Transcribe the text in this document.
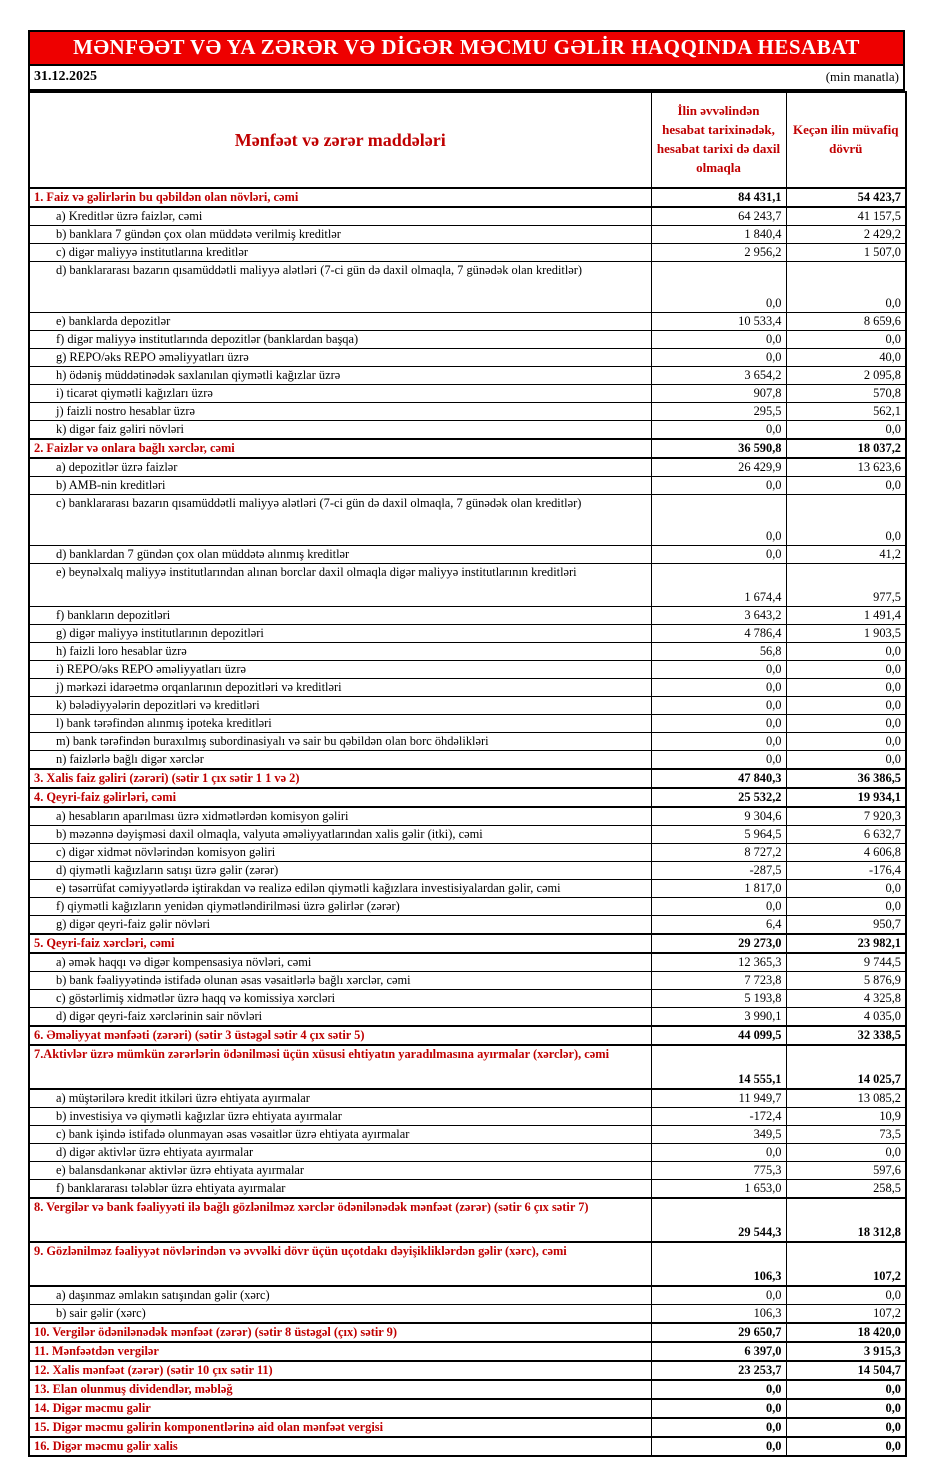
MƏNFƏƏT VƏ YA ZƏRƏR VƏ DİGƏR MƏCMU GƏLİR HAQQINDA HESABAT
31.12.2025	(min manatla)
Mənfəət və zərər maddələri	İlin əvvəlindən hesabat tarixinədək, hesabat tarixi də daxil olmaqla	Keçən ilin müvafiq dövrü
1. Faiz və gəlirlərin bu qəbildən olan növləri, cəmi	84 431,1	54 423,7
a) Kreditlər üzrə faizlər, cəmi	64 243,7	41 157,5
b) banklara 7 gündən çox olan müddətə verilmiş kreditlər	1 840,4	2 429,2
c) digər maliyyə institutlarına kreditlər	2 956,2	1 507,0
d) banklararası bazarın qısamüddətli maliyyə alətləri (7-ci gün də daxil olmaqla, 7 günədək olan kreditlər)	0,0	0,0
e) banklarda depozitlər	10 533,4	8 659,6
f) digər maliyyə institutlarında depozitlər (banklardan başqa)	0,0	0,0
g) REPO/əks REPO əməliyyatları üzrə	0,0	40,0
h) ödəniş müddətinədək saxlanılan qiymətli kağızlar üzrə	3 654,2	2 095,8
i) ticarət qiymətli kağızları üzrə	907,8	570,8
j) faizli nostro hesablar üzrə	295,5	562,1
k) digər faiz gəliri növləri	0,0	0,0
2. Faizlər və onlara bağlı xərclər, cəmi	36 590,8	18 037,2
a) depozitlər üzrə faizlər	26 429,9	13 623,6
b) AMB-nin kreditləri	0,0	0,0
c) banklararası bazarın qısamüddətli maliyyə alətləri (7-ci gün də daxil olmaqla, 7 günədək olan kreditlər)	0,0	0,0
d) banklardan 7 gündən çox olan müddətə alınmış kreditlər	0,0	41,2
e) beynəlxalq maliyyə institutlarından alınan borclar daxil olmaqla digər maliyyə institutlarının kreditləri	1 674,4	977,5
f) bankların depozitləri	3 643,2	1 491,4
g) digər maliyyə institutlarının depozitləri	4 786,4	1 903,5
h) faizli loro hesablar üzrə	56,8	0,0
i) REPO/əks REPO əməliyyatları üzrə	0,0	0,0
j) mərkəzi idarəetmə orqanlarının depozitləri və kreditləri	0,0	0,0
k) bələdiyyələrin depozitləri və kreditləri	0,0	0,0
l) bank tərəfindən alınmış ipoteka kreditləri	0,0	0,0
m) bank tərəfindən buraxılmış subordinasiyalı və sair bu qəbildən olan borc öhdəlikləri	0,0	0,0
n) faizlərlə bağlı digər xərclər	0,0	0,0
3. Xalis faiz gəliri (zərəri) (sətir 1 çıx sətir 1 1 və 2)	47 840,3	36 386,5
4. Qeyri-faiz gəlirləri, cəmi	25 532,2	19 934,1
a) hesabların aparılması üzrə xidmətlərdən komisyon gəliri	9 304,6	7 920,3
b) məzənnə dəyişməsi daxil olmaqla, valyuta əməliyyatlarından xalis gəlir (itki), cəmi	5 964,5	6 632,7
c) digər xidmət növlərindən komisyon gəliri	8 727,2	4 606,8
d) qiymətli kağızların satışı üzrə gəlir (zərər)	-287,5	-176,4
e) təsərrüfat cəmiyyətlərdə iştirakdan və realizə edilən qiymətli kağızlara investisiyalardan gəlir, cəmi	1 817,0	0,0
f) qiymətli kağızların yenidən qiymətləndirilməsi üzrə gəlirlər (zərər)	0,0	0,0
g) digər qeyri-faiz gəlir növləri	6,4	950,7
5. Qeyri-faiz xərcləri, cəmi	29 273,0	23 982,1
a) əmək haqqı və digər kompensasiya növləri, cəmi	12 365,3	9 744,5
b) bank fəaliyyətində istifadə olunan əsas vəsaitlərlə bağlı xərclər, cəmi	7 723,8	5 876,9
c) göstərlimiş xidmətlər üzrə haqq və komissiya xərcləri	5 193,8	4 325,8
d) digər qeyri-faiz xərclərinin sair növləri	3 990,1	4 035,0
6. Əməliyyat mənfəəti (zərəri) (sətir 3 üstəgəl sətir 4 çıx sətir 5)	44 099,5	32 338,5
7.Aktivlər üzrə mümkün zərərlərin ödənilməsi üçün xüsusi ehtiyatın yaradılmasına ayırmalar (xərclər), cəmi	14 555,1	14 025,7
a) müştərilərə kredit itkiləri üzrə ehtiyata ayırmalar	11 949,7	13 085,2
b) investisiya və qiymətli kağızlar üzrə ehtiyata ayırmalar	-172,4	10,9
c) bank işində istifadə olunmayan əsas vəsaitlər üzrə ehtiyata ayırmalar	349,5	73,5
d) digər aktivlər üzrə ehtiyata ayırmalar	0,0	0,0
e) balansdankənar aktivlər üzrə ehtiyata ayırmalar	775,3	597,6
f) banklararası tələblər üzrə ehtiyata ayırmalar	1 653,0	258,5
8. Vergilər və bank fəaliyyəti ilə bağlı gözlənilməz xərclər ödənilənədək mənfəət (zərər) (sətir 6 çıx sətir 7)	29 544,3	18 312,8
9. Gözlənilməz fəaliyyət növlərindən və əvvəlki dövr üçün uçotdakı dəyişikliklərdən gəlir (xərc), cəmi	106,3	107,2
a) daşınmaz əmlakın satışından gəlir (xərc)	0,0	0,0
b) sair gəlir (xərc)	106,3	107,2
10. Vergilər ödənilənədək mənfəət (zərər) (sətir 8 üstəgəl (çıx) sətir 9)	29 650,7	18 420,0
11. Mənfəətdən vergilər	6 397,0	3 915,3
12. Xalis mənfəət (zərər) (sətir 10 çıx sətir 11)	23 253,7	14 504,7
13. Elan olunmuş dividendlər, məbləğ	0,0	0,0
14. Digər məcmu gəlir	0,0	0,0
15. Digər məcmu gəlirin komponentlərinə aid olan mənfəət vergisi	0,0	0,0
16. Digər məcmu gəlir xalis	0,0	0,0
